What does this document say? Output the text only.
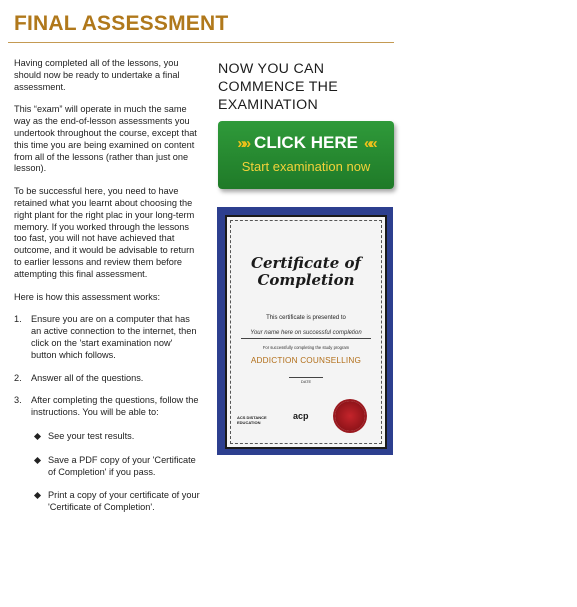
FINAL ASSESSMENT

Having completed all of the lessons, you should now be ready to undertake a final assessment.

This “exam” will operate in much the same way as the end-of-lesson assessments you undertook throughout the course, except that this time you are being examined on content from all of the lessons (rather than just one lesson).

To be successful here, you need to have retained what you learnt about choosing the right plant for the right plac in your long-term memory. If you worked through the lessons too fast, you will not have achieved that outcome, and it would be advisable to return to earlier lessons and review them before attempting this final assessment.

Here is how this assessment works:

1. Ensure you are on a computer that has an active connection to the internet, then click on the 'start examination now' button which follows.
2. Answer all of the questions.
3. After completing the questions, follow the instructions. You will be able to:
See your test results.
Save a PDF copy of your 'Certificate of Completion' if you pass.
Print a copy of your certificate of your 'Certificate of Completion'.
NOW YOU CAN
COMMENCE THE
EXAMINATION
»» CLICK HERE ««
Start examination now
Certificate of
Completion
This certificate is presented to
Your name here on successful completion
For successfully completing the study program
ADDICTION COUNSELLING
DATE
ACS DISTANCE
EDUCATION
acp
